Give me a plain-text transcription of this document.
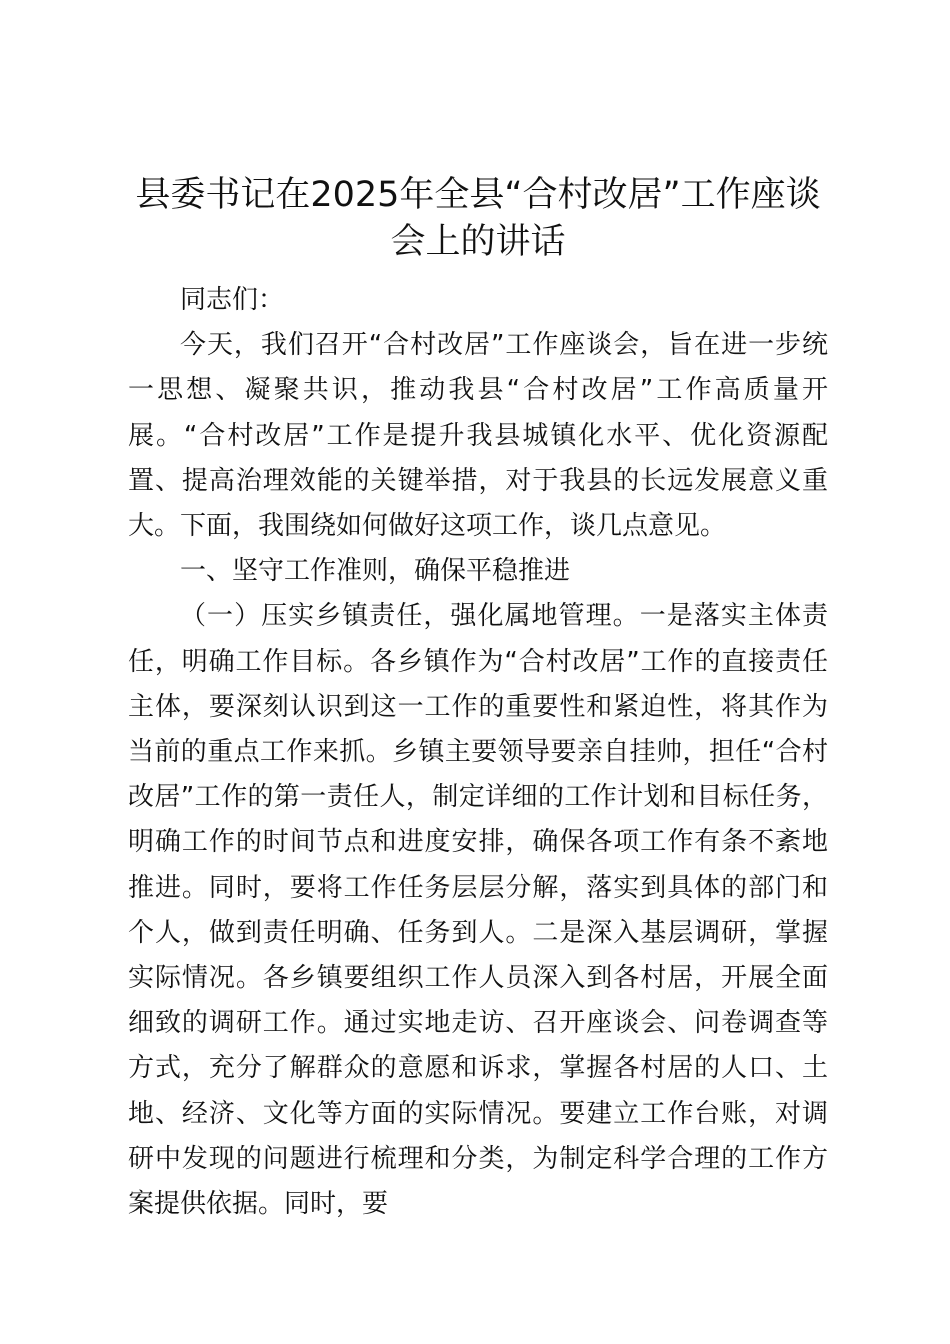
县委书记在2025年全县“合村改居”工作座谈
会上的讲话

同志们：

今天，我们召开“合村改居”工作座谈会，旨在进一步统一思想、凝聚共识，推动我县“合村改居”工作高质量开展。“合村改居”工作是提升我县城镇化水平、优化资源配置、提高治理效能的关键举措，对于我县的长远发展意义重大。下面，我围绕如何做好这项工作，谈几点意见。

一、坚守工作准则，确保平稳推进

（一）压实乡镇责任，强化属地管理。一是落实主体责任，明确工作目标。各乡镇作为“合村改居”工作的直接责任主体，要深刻认识到这一工作的重要性和紧迫性，将其作为当前的重点工作来抓。乡镇主要领导要亲自挂帅，担任“合村改居”工作的第一责任人，制定详细的工作计划和目标任务，明确工作的时间节点和进度安排，确保各项工作有条不紊地推进。同时，要将工作任务层层分解，落实到具体的部门和个人，做到责任明确、任务到人。二是深入基层调研，掌握实际情况。各乡镇要组织工作人员深入到各村居，开展全面细致的调研工作。通过实地走访、召开座谈会、问卷调查等方式，充分了解群众的意愿和诉求，掌握各村居的人口、土地、经济、文化等方面的实际情况。要建立工作台账，对调研中发现的问题进行梳理和分类，为制定科学合理的工作方案提供依据。同时，要
